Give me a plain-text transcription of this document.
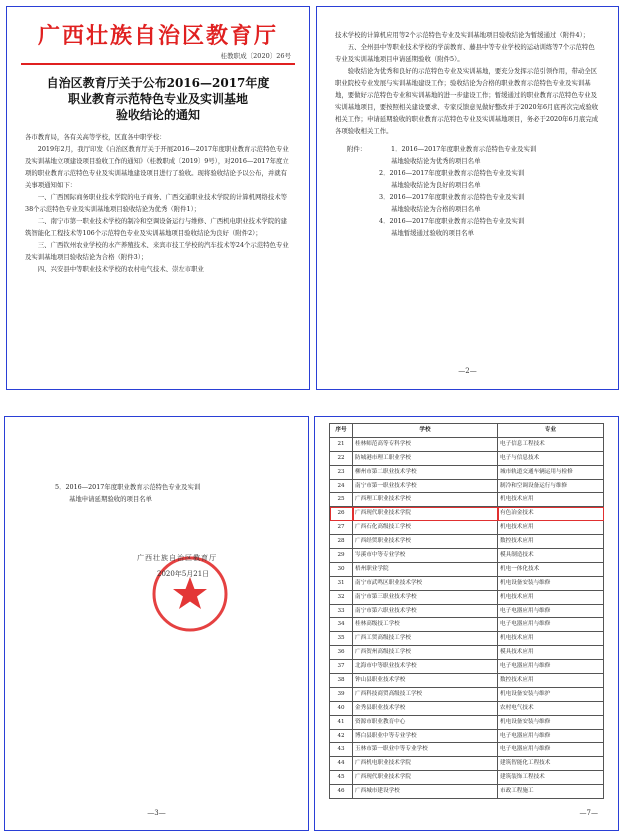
广西壮族自治区教育厅
桂教职成〔2020〕26号
自治区教育厅关于公布2016—2017年度
职业教育示范特色专业及实训基地
验收结论的通知

各市教育局，各有关高等学校，区直各中职学校：

2019年2月，我厅印发《自治区教育厅关于开展2016—2017年度职业教育示范特色专业及实训基地立项建设项目验收工作的通知》（桂教职成〔2019〕9号），对2016—2017年度立项的职业教育示范特色专业及实训基地建设项目进行了验收。现将验收结论予以公布，并就有关事项通知如下：

一、广西国际商务职业技术学院的电子商务、广西交通职业技术学院的计算机网络技术等38个示范特色专业及实训基地项目验收结论为优秀（附件1）；

二、南宁市第一职业技术学校的制冷和空调设备运行与维修、广西机电职业技术学院的建筑智能化工程技术等106个示范特色专业及实训基地项目验收结论为良好（附件2）；

三、广西钦州农业学校的水产养殖技术、来宾市技工学校的汽车技术等24个示范特色专业及实训基地项目验收结论为合格（附件3）；

四、兴安县中等职业技术学校的农村电气技术、崇左市职业

技术学校的计算机应用等2个示范特色专业及实训基地项目验收结论为暂缓通过（附件4）；

五、全州县中等职业技术学校的学前教育、藤县中等专业学校的运动训练等7个示范特色专业及实训基地项目申请延期验收（附件5）。

验收结论为优秀和良好的示范特色专业及实训基地，要充分发挥示范引领作用，带动全区职业院校专业发展与实训基地建设工作；验收结论为合格的职业教育示范特色专业及实训基地，要做好示范特色专业和实训基地的进一步建设工作；暂缓通过的职业教育示范特色专业及实训基地项目，要按照相关建设要求、专家反馈意见做好整改并于2020年6月底再次完成验收相关工作；申请延期验收的职业教育示范特色专业及实训基地项目，务必于2020年6月底完成各项验收相关工作。

附件：	1．2016—2017年度职业教育示范特色专业及实训
基地验收结论为优秀的项目名单
2．2016—2017年度职业教育示范特色专业及实训
基地验收结论为良好的项目名单
3．2016—2017年度职业教育示范特色专业及实训
基地验收结论为合格的项目名单
4．2016—2017年度职业教育示范特色专业及实训
基地暂缓通过验收的项目名单
—2—
5．2016—2017年度职业教育示范特色专业及实训
基地申请延期验收的项目名单
广西壮族自治区教育厅
2020年5月21日
—3—
序号	学校	专业
21	桂林师范高等专科学校	电子信息工程技术
22	防城港市理工职业学校	电子与信息技术
23	柳州市第二职业技术学校	城市轨道交通车辆运用与检修
24	南宁市第一职业技术学校	制冷和空调设备运行与维修
25	广西理工职业技术学校	机电技术应用
26	广西现代职业技术学院	有色冶金技术
27	广西石化高级技工学校	机电技术应用
28	广西经贸职业技术学校	数控技术应用
29	岑溪市中等专业学校	模具制造技术
30	梧州职业学院	机电一体化技术
31	南宁市武鸣区职业技术学校	机电设备安装与维修
32	南宁市第三职业技术学校	机电技术应用
33	南宁市第六职业技术学校	电子电器应用与维修
34	桂林高级技工学校	电子电器应用与维修
35	广西工贸高级技工学校	机电技术应用
36	广西贺州高级技工学校	模具技术应用
37	北海市中等职业技术学校	电子电器应用与维修
38	钟山县职业技术学校	数控技术应用
39	广西科技商贸高级技工学校	机电设备安装与维护
40	金秀县职业技术学校	农村电气技术
41	资源市职业教育中心	机电设备安装与维修
42	博白县职业中等专业学校	电子电器应用与维修
43	玉林市第一职业中等专业学校	电子电器应用与维修
44	广西机电职业技术学院	建筑智能化工程技术
45	广西现代职业技术学院	建筑装饰工程技术
46	广西城市建设学校	市政工程施工
—7—
